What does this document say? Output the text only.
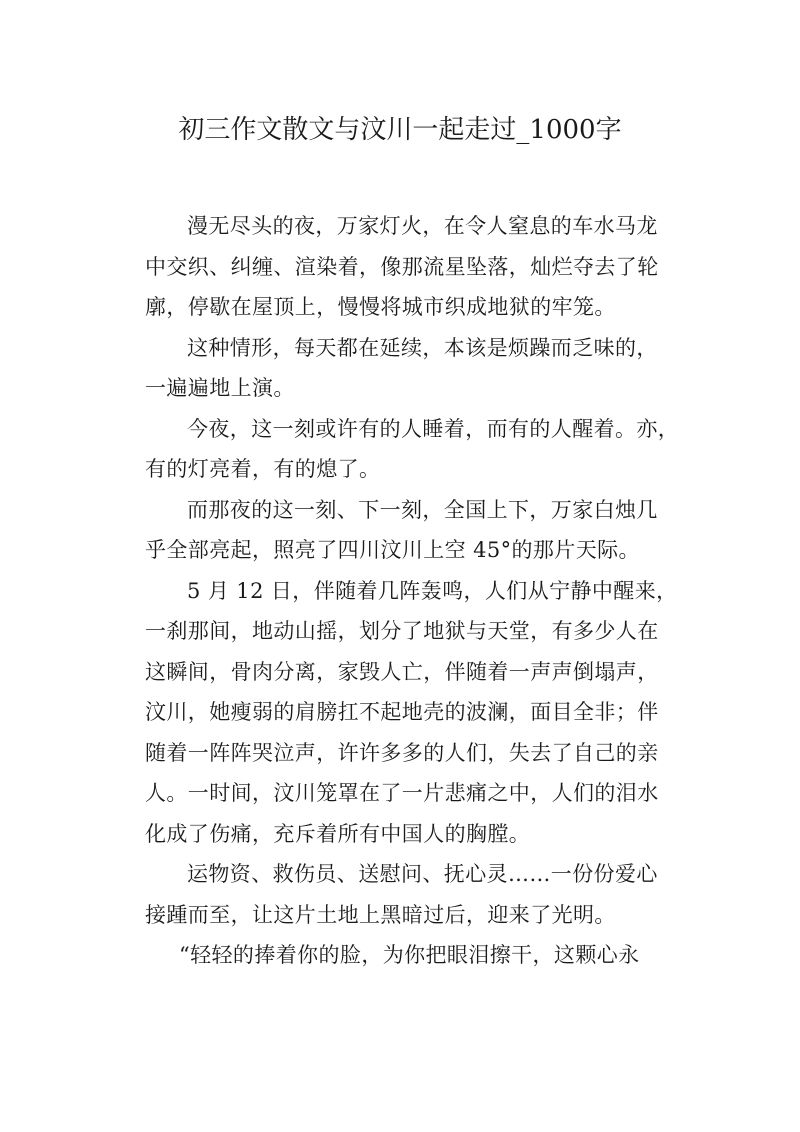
初三作文散文与汶川一起走过_1000字

漫无尽头的夜，万家灯火，在令人窒息的车水马龙
中交织、纠缠、渲染着，像那流星坠落，灿烂夺去了轮
廓，停歇在屋顶上，慢慢将城市织成地狱的牢笼。

这种情形，每天都在延续，本该是烦躁而乏味的，
一遍遍地上演。

今夜，这一刻或许有的人睡着，而有的人醒着。亦，
有的灯亮着，有的熄了。

而那夜的这一刻、下一刻，全国上下，万家白烛几
乎全部亮起，照亮了四川汶川上空 45°的那片天际。

5 月 12 日，伴随着几阵轰鸣，人们从宁静中醒来，
一刹那间，地动山摇，划分了地狱与天堂，有多少人在
这瞬间，骨肉分离，家毁人亡，伴随着一声声倒塌声，
汶川，她瘦弱的肩膀扛不起地壳的波澜，面目全非；伴
随着一阵阵哭泣声，许许多多的人们，失去了自己的亲
人。一时间，汶川笼罩在了一片悲痛之中，人们的泪水
化成了伤痛，充斥着所有中国人的胸膛。

运物资、救伤员、送慰问、抚心灵……一份份爱心
接踵而至，让这片土地上黑暗过后，迎来了光明。

“轻轻的捧着你的脸，为你把眼泪擦干，这颗心永
